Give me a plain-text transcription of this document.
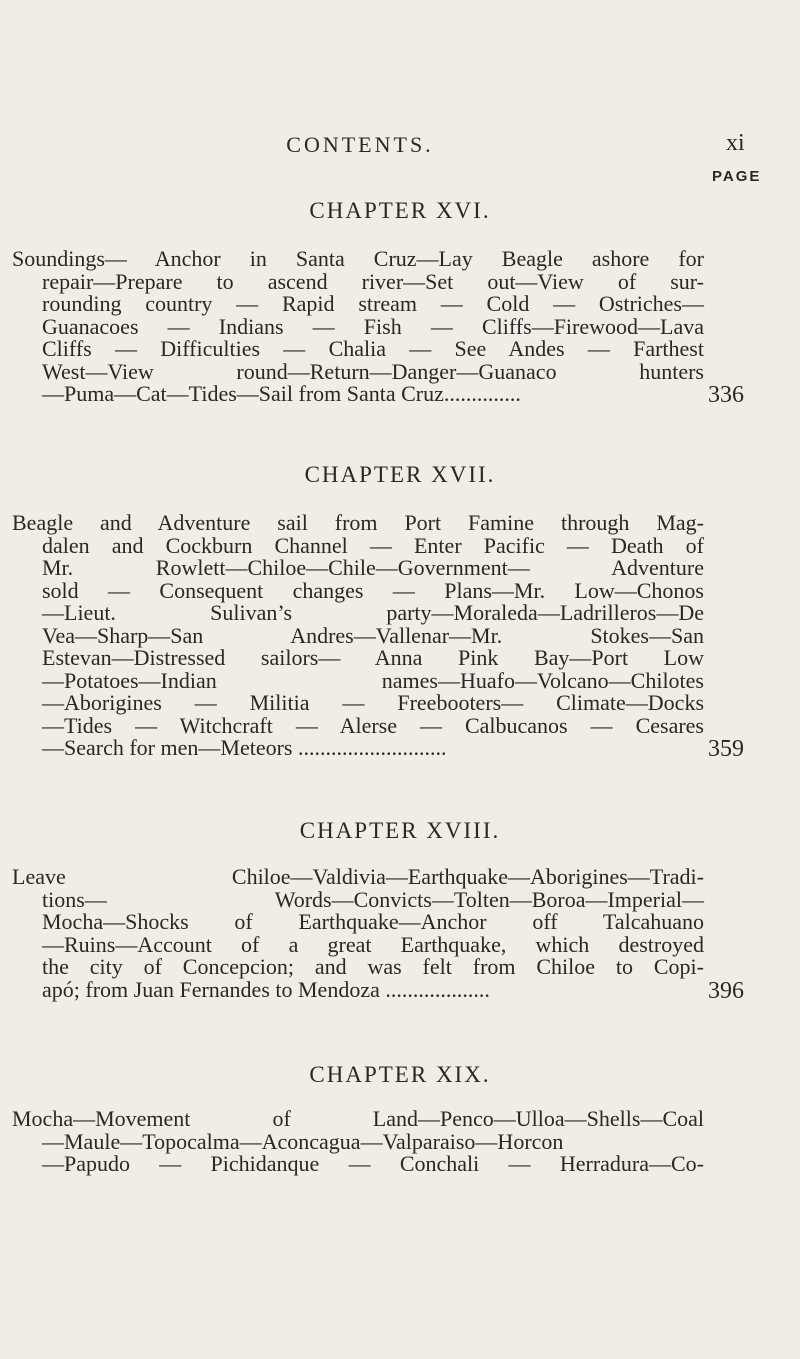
CONTENTS.	xi
PAGE
CHAPTER XVI.

Soundings— Anchor in Santa Cruz—Lay Beagle ashore for
repair—Prepare to ascend river—Set out—View of sur-
rounding country — Rapid stream — Cold — Ostriches—
Guanacoes — Indians — Fish — Cliffs—Firewood—Lava
Cliffs — Difficulties — Chalia — See Andes — Farthest
West—View round—Return—Danger—Guanaco hunters
—Puma—Cat—Tides—Sail from Santa Cruz..............	336
CHAPTER XVII.

Beagle and Adventure sail from Port Famine through Mag-
dalen and Cockburn Channel — Enter Pacific — Death of
Mr. Rowlett—Chiloe—Chile—Government— Adventure
sold — Consequent changes — Plans—Mr. Low—Chonos
—Lieut. Sulivan’s party—Moraleda—Ladrilleros—De
Vea—Sharp—San Andres—Vallenar—Mr. Stokes—San
Estevan—Distressed sailors— Anna Pink Bay—Port Low
—Potatoes—Indian names—Huafo—Volcano—Chilotes
—Aborigines — Militia — Freebooters— Climate—Docks
—Tides — Witchcraft — Alerse — Calbucanos — Cesares
—Search for men—Meteors ...........................	359
CHAPTER XVIII.

Leave Chiloe—Valdivia—Earthquake—Aborigines—Tradi-
tions— Words—Convicts—Tolten—Boroa—Imperial—
Mocha—Shocks of Earthquake—Anchor off Talcahuano
—Ruins—Account of a great Earthquake, which destroyed
the city of Concepcion; and was felt from Chiloe to Copi-
apó; from Juan Fernandes to Mendoza ...................	396
CHAPTER XIX.

Mocha—Movement of Land—Penco—Ulloa—Shells—Coal
—Maule—Topocalma—Aconcagua—Valparaiso—Horcon
—Papudo — Pichidanque — Conchali — Herradura—Co-
